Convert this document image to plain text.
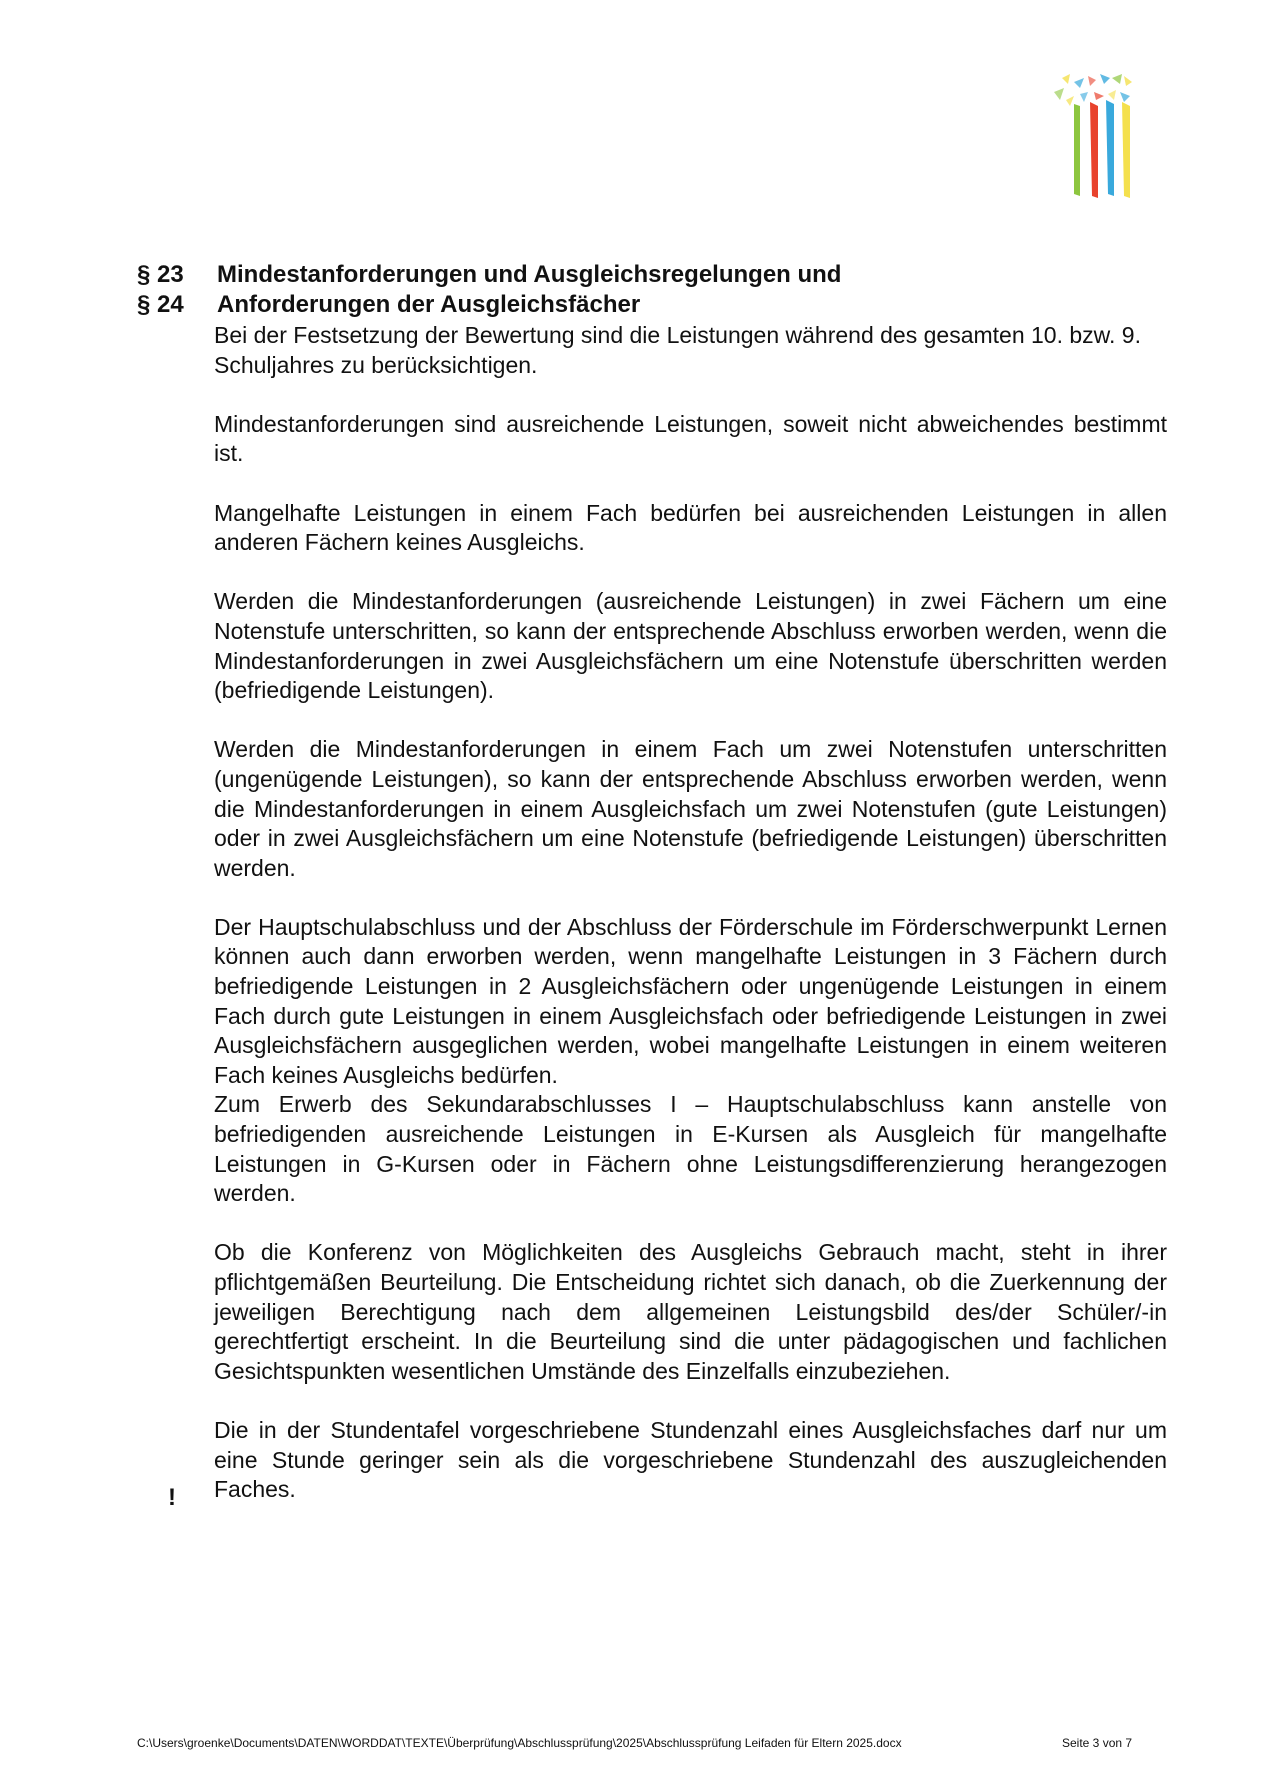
§ 23 Mindestanforderungen und Ausgleichsregelungen und
§ 24 Anforderungen der Ausgleichsfächer

Bei der Festsetzung der Bewertung sind die Leistungen während des gesamten 10. bzw. 9. Schuljahres zu berücksichtigen.

Mindestanforderungen sind ausreichende Leistungen, soweit nicht abweichendes bestimmt ist.

Mangelhafte Leistungen in einem Fach bedürfen bei ausreichenden Leistungen in allen anderen Fächern keines Ausgleichs.

Werden die Mindestanforderungen (ausreichende Leistungen) in zwei Fächern um eine Notenstufe unterschritten, so kann der entsprechende Abschluss erworben werden, wenn die Mindestanforderungen in zwei Ausgleichsfächern um eine Notenstufe überschritten werden (befriedigende Leistungen).

Werden die Mindestanforderungen in einem Fach um zwei Notenstufen unterschritten (ungenügende Leistungen), so kann der entsprechende Abschluss erworben werden, wenn die Mindestanforderungen in einem Ausgleichsfach um zwei Notenstufen (gute Leistungen) oder in zwei Ausgleichsfächern um eine Notenstufe (befriedigende Leistungen) überschritten werden.

Der Hauptschulabschluss und der Abschluss der Förderschule im Förderschwerpunkt Lernen können auch dann erworben werden, wenn mangelhafte Leistungen in 3 Fächern durch befriedigende Leistungen in 2 Ausgleichsfächern oder ungenügende Leistungen in einem Fach durch gute Leistungen in einem Ausgleichsfach oder befriedigende Leistungen in zwei Ausgleichsfächern ausgeglichen werden, wobei mangelhafte Leistungen in einem weiteren Fach keines Ausgleichs bedürfen.

Zum Erwerb des Sekundarabschlusses I – Hauptschulabschluss kann anstelle von befriedigenden ausreichende Leistungen in E-Kursen als Ausgleich für mangelhafte Leistungen in G-Kursen oder in Fächern ohne Leistungsdifferenzierung herangezogen werden.

Ob die Konferenz von Möglichkeiten des Ausgleichs Gebrauch macht, steht in ihrer pflichtgemäßen Beurteilung. Die Entscheidung richtet sich danach, ob die Zuerkennung der jeweiligen Berechtigung nach dem allgemeinen Leistungsbild des/der Schüler/-in gerechtfertigt erscheint. In die Beurteilung sind die unter pädagogischen und fachlichen Gesichtspunkten wesentlichen Umstände des Einzelfalls einzubeziehen.

Die in der Stundentafel vorgeschriebene Stundenzahl eines Ausgleichsfaches darf nur um eine Stunde geringer sein als die vorgeschriebene Stundenzahl des auszugleichenden Faches.

!
C:\Users\groenke\Documents\DATEN\WORDDAT\TEXTE\Überprüfung\Abschlussprüfung\2025\Abschlussprüfung Leifaden für Eltern 2025.docx	Seite 3 von 7
